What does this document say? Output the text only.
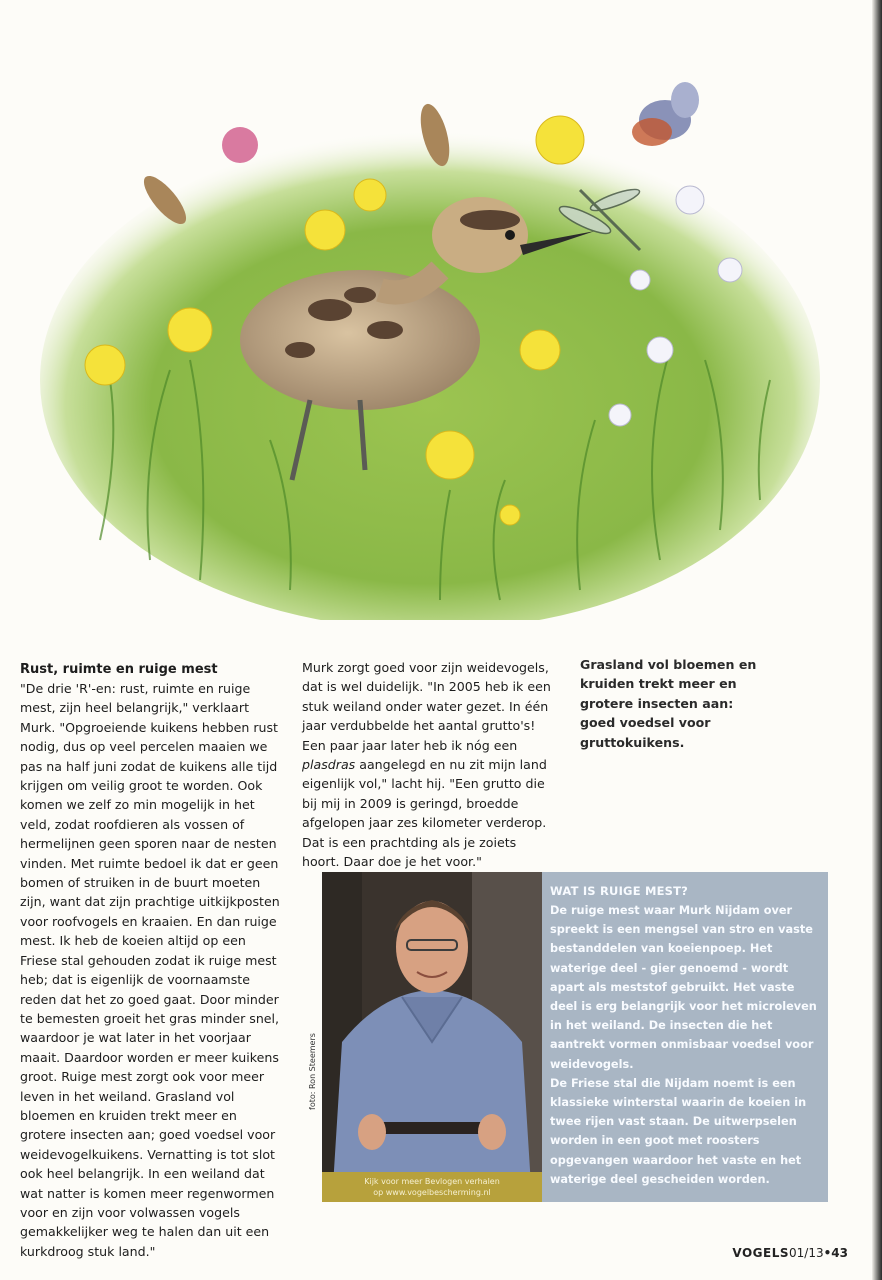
Rust, ruimte en ruige mest

"De drie 'R'-en: rust, ruimte en ruige mest, zijn heel belangrijk," verklaart Murk. "Opgroeiende kuikens hebben rust nodig, dus op veel percelen maaien we pas na half juni zodat de kuikens alle tijd krijgen om veilig groot te worden. Ook komen we zelf zo min mogelijk in het veld, zodat roofdieren als vossen of hermelijnen geen sporen naar de nesten vinden. Met ruimte bedoel ik dat er geen bomen of struiken in de buurt moeten zijn, want dat zijn prachtige uitkijkposten voor roofvogels en kraaien. En dan ruige mest. Ik heb de koeien altijd op een Friese stal gehouden zodat ik ruige mest heb; dat is eigenlijk de voornaamste reden dat het zo goed gaat. Door minder te bemesten groeit het gras minder snel, waardoor je wat later in het voorjaar maait. Daardoor worden er meer kuikens groot. Ruige mest zorgt ook voor meer leven in het weiland. Grasland vol bloemen en kruiden trekt meer en grotere insecten aan; goed voedsel voor weidevogelkuikens. Vernatting is tot slot ook heel belangrijk. In een weiland dat wat natter is komen meer regenwormen voor en zijn voor volwassen vogels gemakkelijker weg te halen dan uit een kurkdroog stuk land."

Murk zorgt goed voor zijn weidevogels, dat is wel duidelijk. "In 2005 heb ik een stuk weiland onder water gezet. In één jaar verdubbelde het aantal grutto's! Een paar jaar later heb ik nóg een plasdras aangelegd en nu zit mijn land eigenlijk vol," lacht hij. "Een grutto die bij mij in 2009 is geringd, broedde afgelopen jaar zes kilometer verderop. Dat is een prachtding als je zoiets hoort. Daar doe je het voor."

Grasland vol bloemen en kruiden trekt meer en grotere insecten aan: goed voedsel voor gruttokuikens.
Kijk voor meer Bevlogen verhalen
op www.vogelbescherming.nl
foto: Ron Steemers
WAT IS RUIGE MEST?

De ruige mest waar Murk Nijdam over spreekt is een mengsel van stro en vaste bestanddelen van koeienpoep. Het waterige deel - gier genoemd - wordt apart als meststof gebruikt. Het vaste deel is erg belangrijk voor het microleven in het weiland. De insecten die het aantrekt vormen onmisbaar voedsel voor weidevogels.

De Friese stal die Nijdam noemt is een klassieke winterstal waarin de koeien in twee rijen vast staan. De uitwerpselen worden in een goot met roosters opgevangen waardoor het vaste en het waterige deel gescheiden worden.

VOGELS01/13•43
